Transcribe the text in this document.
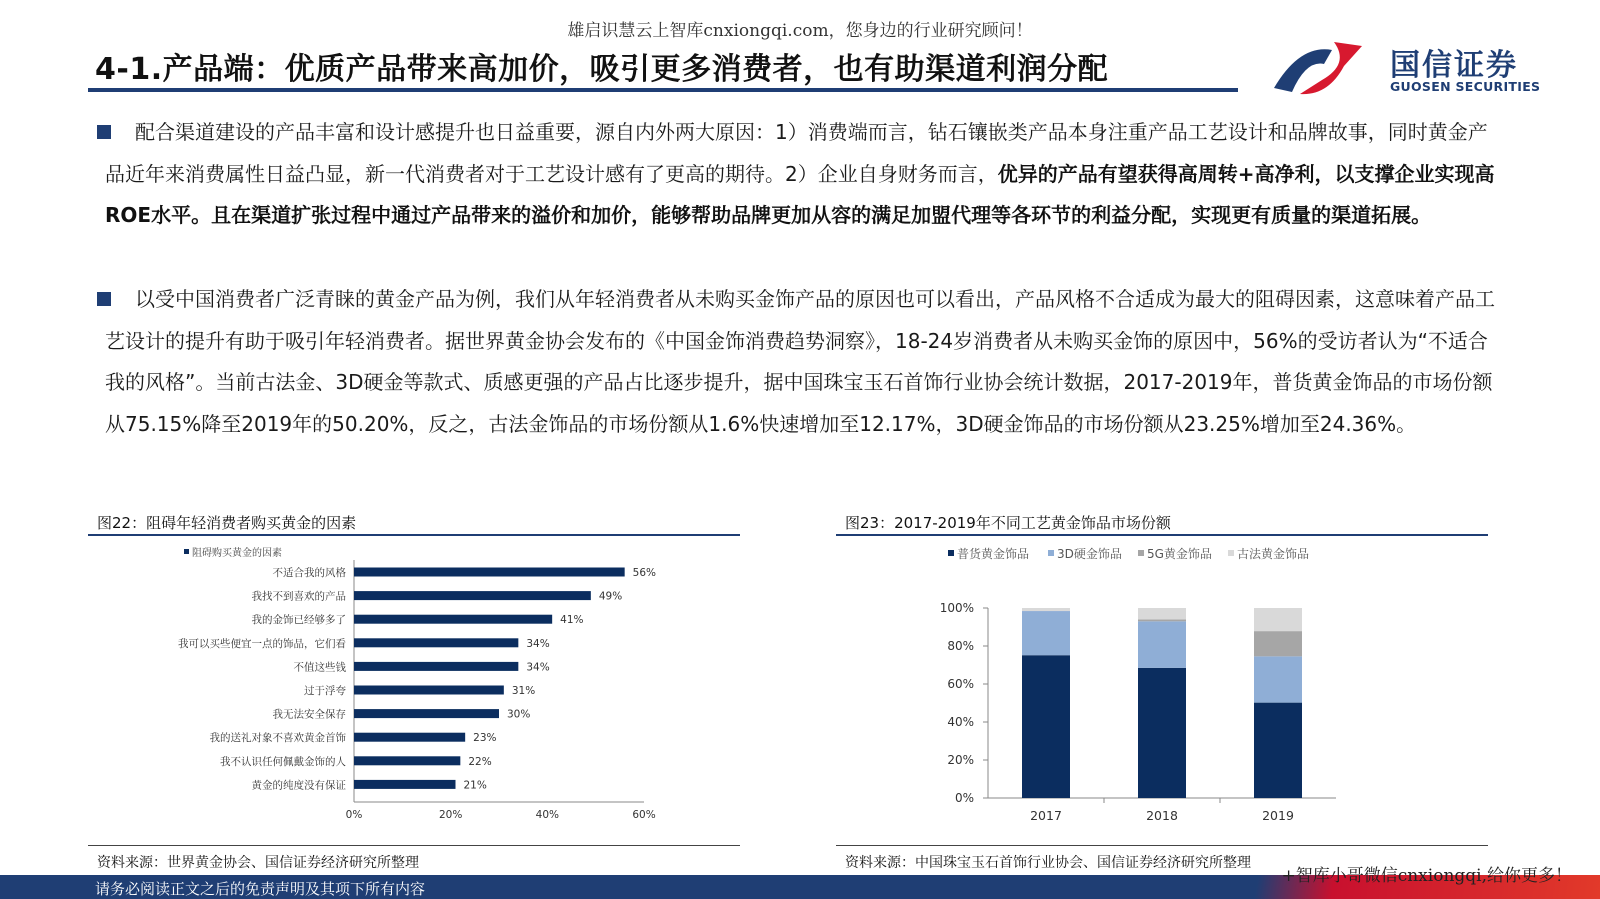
雄启识慧云上智库cnxiongqi.com，您身边的行业研究顾问！
4-1.产品端：优质产品带来高加价，吸引更多消费者，也有助渠道利润分配	国信证券
GUOSEN SECURITIES
配合渠道建设的产品丰富和设计感提升也日益重要，源自内外两大原因：1）消费端而言，钻石镶嵌类产品本身注重产品工艺设计和品牌故事，同时黄金产品近年来消费属性日益凸显，新一代消费者对于工艺设计感有了更高的期待。2）企业自身财务而言，优异的产品有望获得高周转+高净利，以支撑企业实现高ROE水平。且在渠道扩张过程中通过产品带来的溢价和加价，能够帮助品牌更加从容的满足加盟代理等各环节的利益分配，实现更有质量的渠道拓展。
以受中国消费者广泛青睐的黄金产品为例，我们从年轻消费者从未购买金饰产品的原因也可以看出，产品风格不合适成为最大的阻碍因素，这意味着产品工艺设计的提升有助于吸引年轻消费者。据世界黄金协会发布的《中国金饰消费趋势洞察》，18-24岁消费者从未购买金饰的原因中，56%的受访者认为“不适合我的风格”。当前古法金、3D硬金等款式、质感更强的产品占比逐步提升，据中国珠宝玉石首饰行业协会统计数据，2017-2019年，普货黄金饰品的市场份额从75.15%降至2019年的50.20%，反之，古法金饰品的市场份额从1.6%快速增加至12.17%，3D硬金饰品的市场份额从23.25%增加至24.36%。
图22：阻碍年轻消费者购买黄金的因素
阻碍购买黄金的因素
不适合我的风格	56%
我找不到喜欢的产品	49%
我的金饰已经够多了	41%
我可以买些便宜一点的饰品，它们看	34%
不值这些钱	34%
过于浮夸	31%
我无法安全保存	30%
我的送礼对象不喜欢黄金首饰	23%
我不认识任何佩戴金饰的人	22%
黄金的纯度没有保证	21%
0%	20%	40%	60%
资料来源：世界黄金协会、国信证券经济研究所整理
图23：2017-2019年不同工艺黄金饰品市场份额
普货黄金饰品 3D硬金饰品 5G黄金饰品 古法黄金饰品
0%
20%
40%
60%
80%
100%
2017	2018	2019
资料来源：中国珠宝玉石首饰行业协会、国信证券经济研究所整理
请务必阅读正文之后的免责声明及其项下所有内容
+智库小哥微信cnxiongqi,给你更多！
